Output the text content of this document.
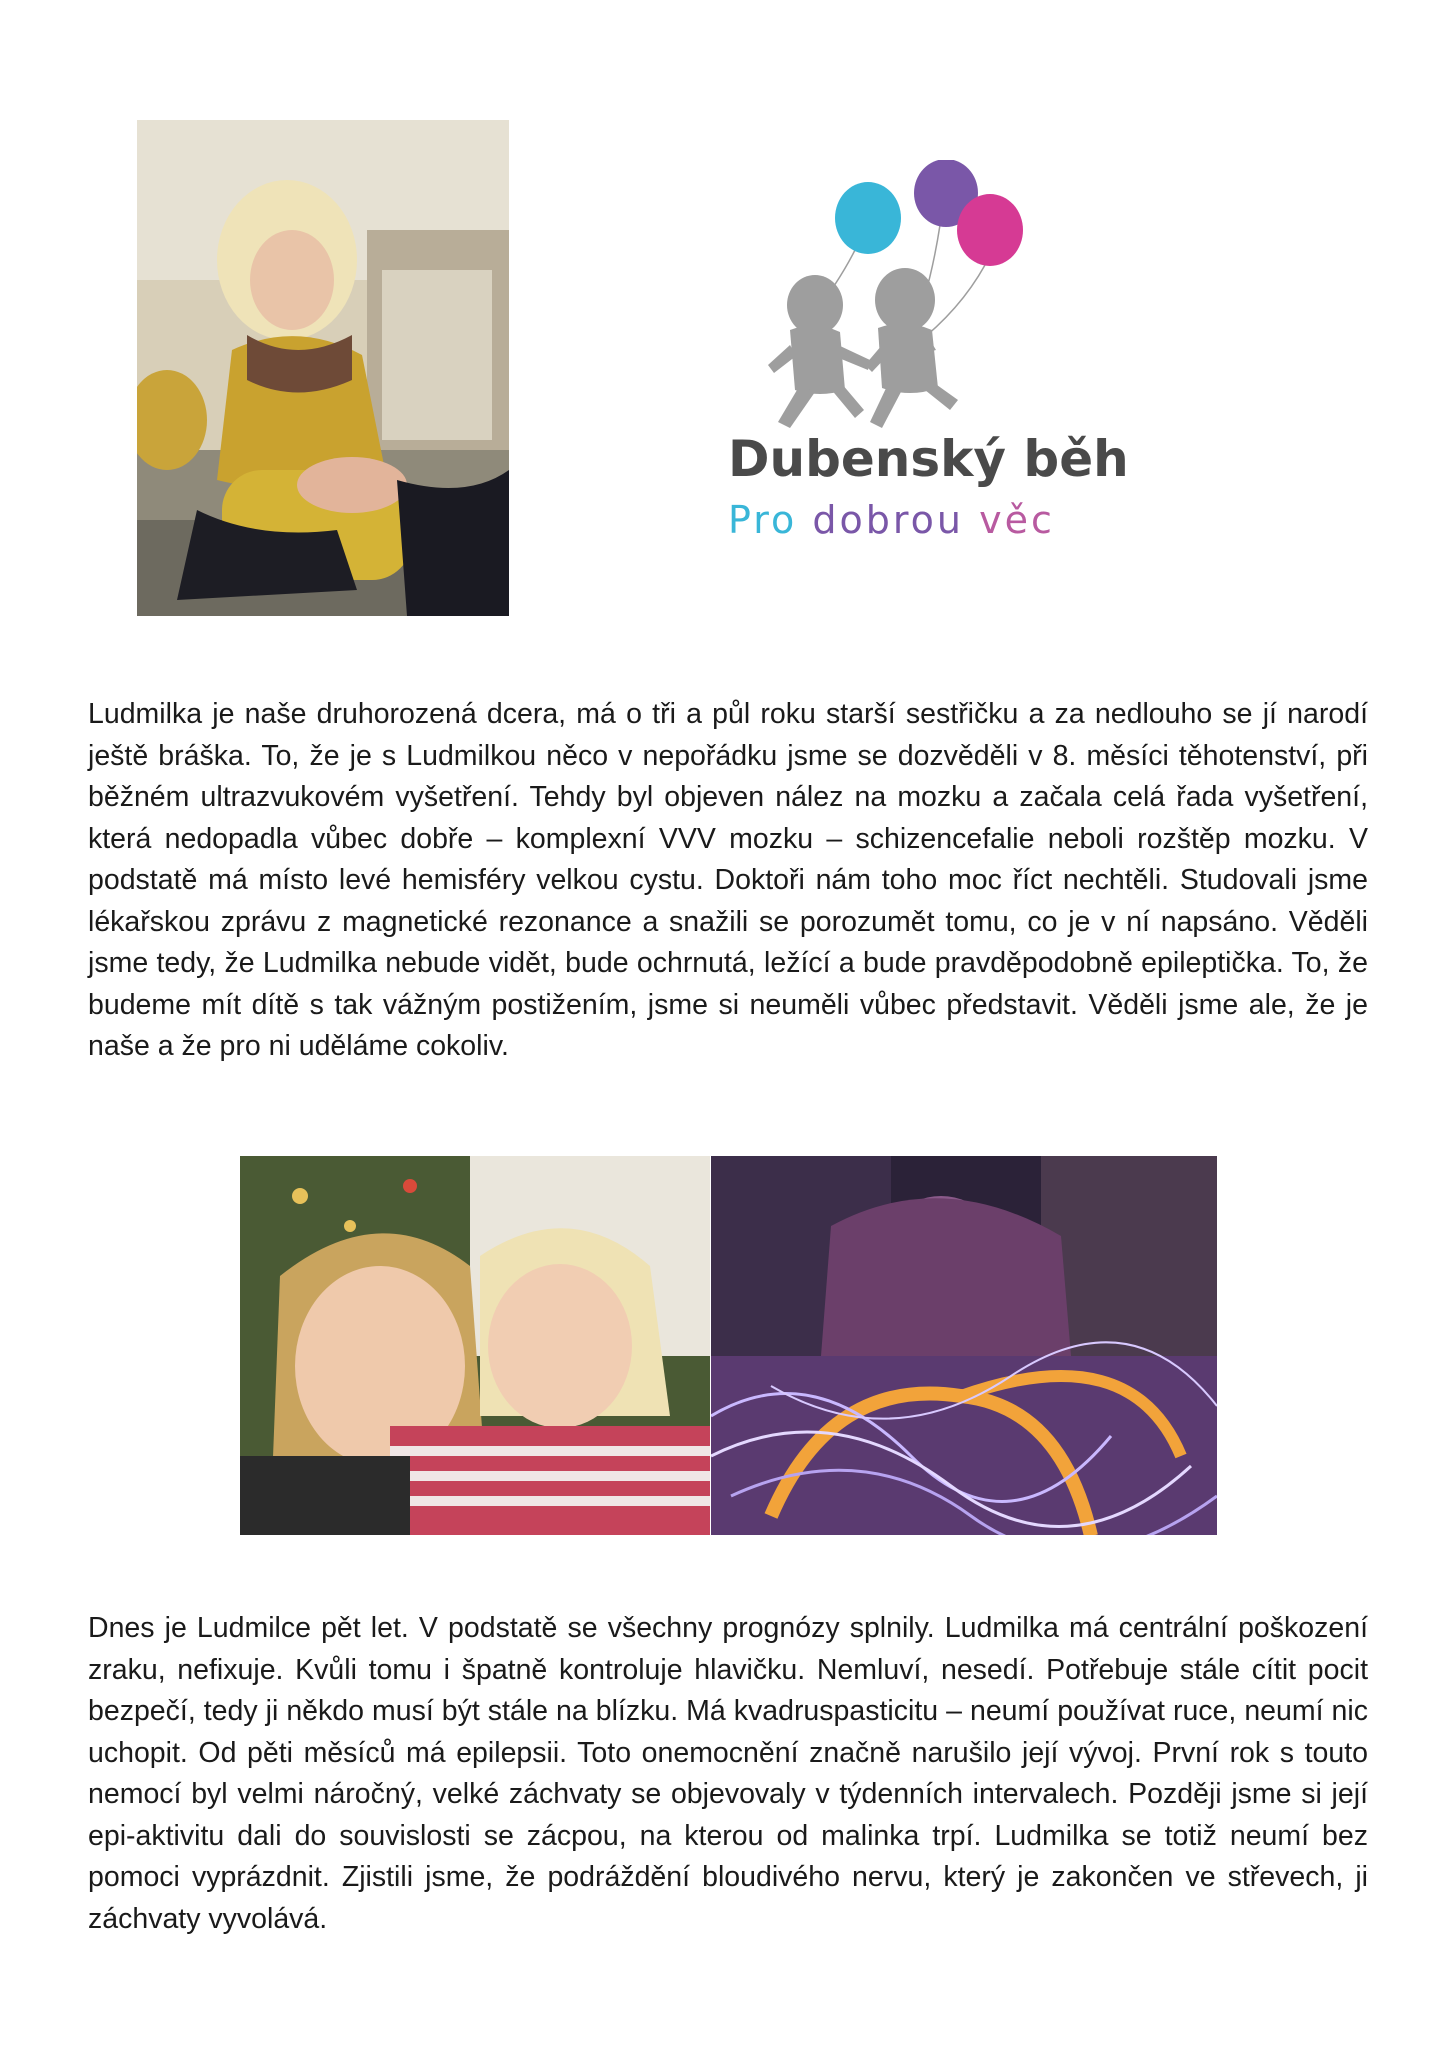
Dubenský běh
Pro dobrou věc

Ludmilka je naše druhorozená dcera, má o tři a půl roku starší sestřičku a za nedlouho se jí narodí ještě bráška. To, že je s Ludmilkou něco v nepořádku jsme se dozvěděli v 8. měsíci těhotenství, při běžném ultrazvukovém vyšetření. Tehdy byl objeven nález na mozku a začala celá řada vyšetření, která nedopadla vůbec dobře – komplexní VVV mozku – schizencefalie neboli rozštěp mozku. V podstatě má místo levé hemisféry velkou cystu. Doktoři nám toho moc říct nechtěli. Studovali jsme lékařskou zprávu z magnetické rezonance a snažili se porozumět tomu, co je v ní napsáno. Věděli jsme tedy, že Ludmilka nebude vidět, bude ochrnutá, ležící a bude pravděpodobně epileptička. To, že budeme mít dítě s tak vážným postižením, jsme si neuměli vůbec představit. Věděli jsme ale, že je naše a že pro ni uděláme cokoliv.

Dnes je Ludmilce pět let. V podstatě se všechny prognózy splnily. Ludmilka má centrální poškození zraku, nefixuje. Kvůli tomu i špatně kontroluje hlavičku. Nemluví, nesedí. Potřebuje stále cítit pocit bezpečí, tedy ji někdo musí být stále na blízku. Má kvadruspasticitu – neumí používat ruce, neumí nic uchopit. Od pěti měsíců má epilepsii. Toto onemocnění značně narušilo její vývoj. První rok s touto nemocí byl velmi náročný, velké záchvaty se objevovaly v týdenních intervalech. Později jsme si její epi-aktivitu dali do souvislosti se zácpou, na kterou od malinka trpí. Ludmilka se totiž neumí bez pomoci vyprázdnit. Zjistili jsme, že podráždění bloudivého nervu, který je zakončen ve střevech, ji záchvaty vyvolává.
